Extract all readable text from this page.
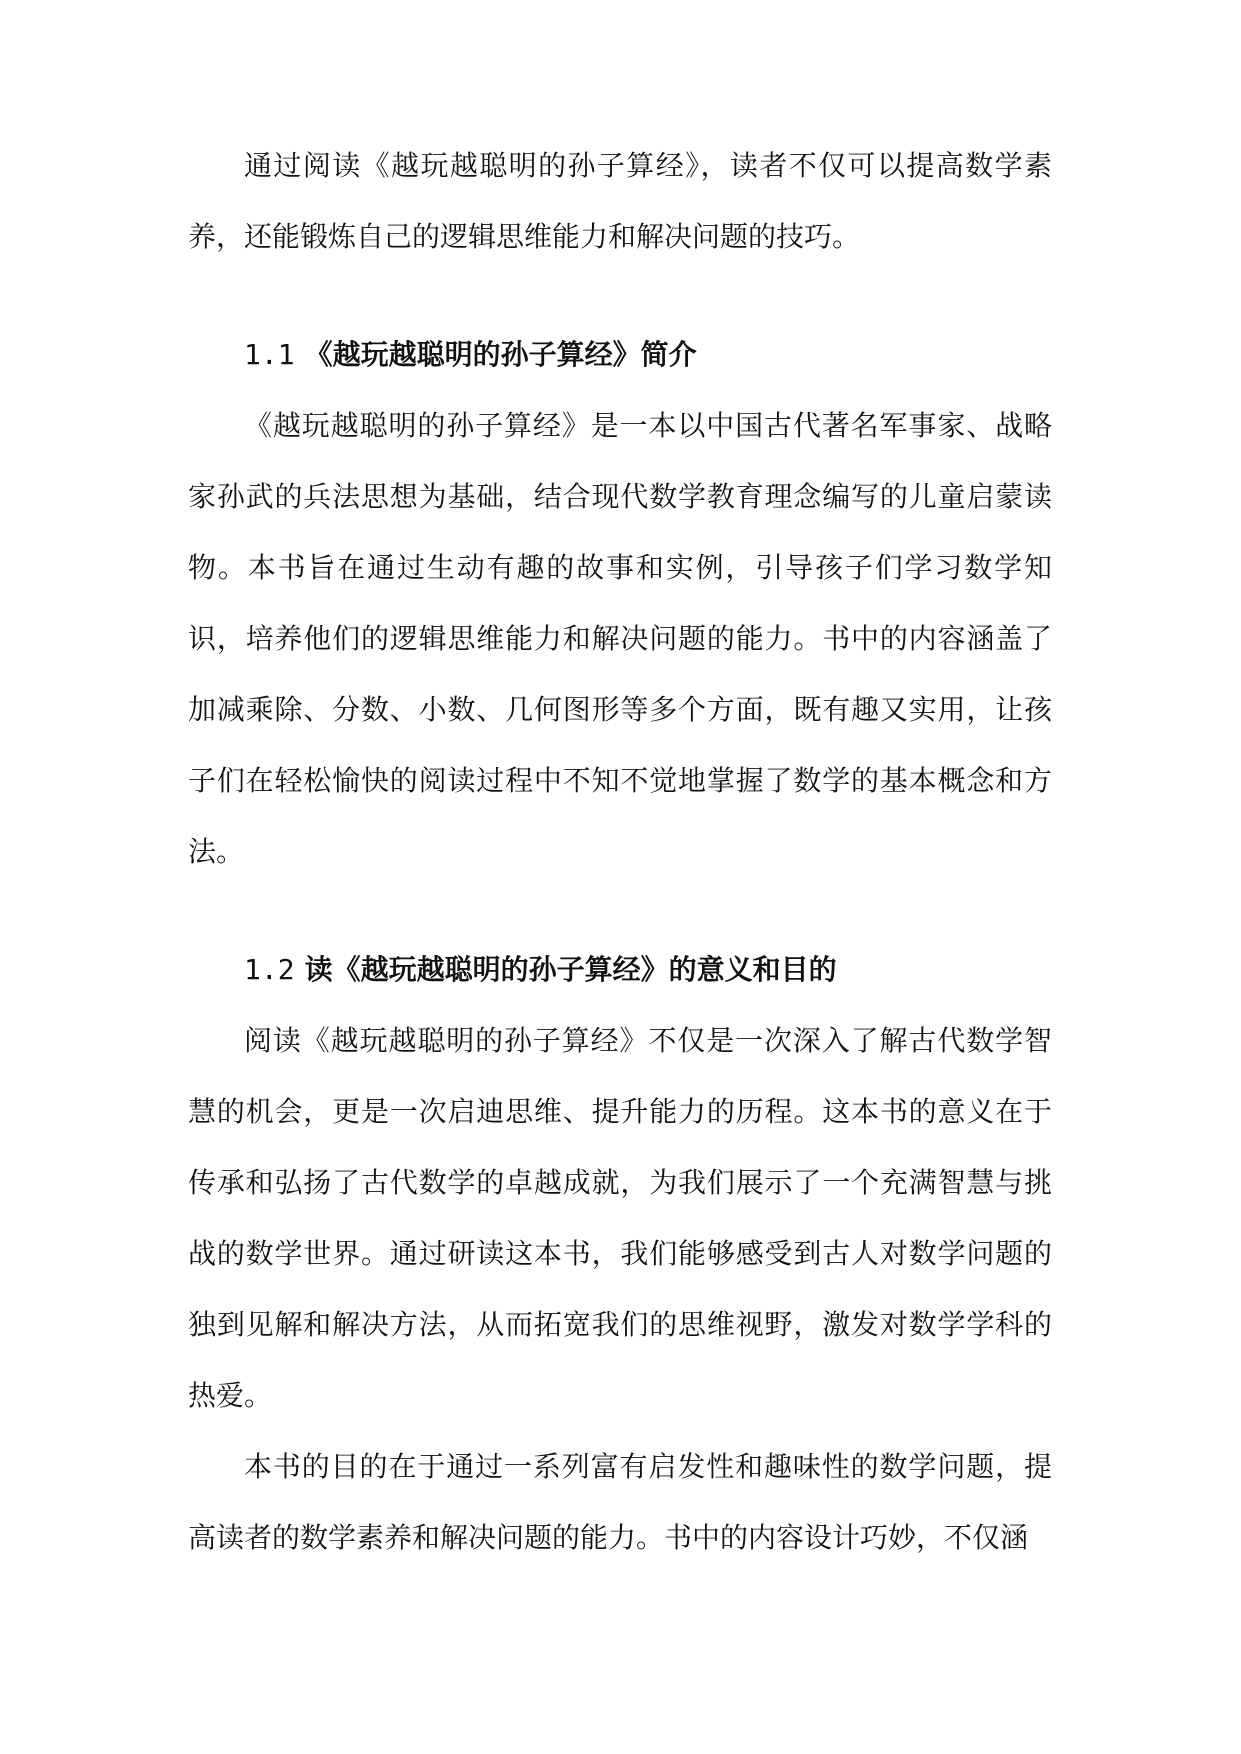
通过阅读《越玩越聪明的孙子算经》，读者不仅可以提高数学素养，还能锻炼自己的逻辑思维能力和解决问题的技巧。

1.1 《越玩越聪明的孙子算经》简介

《越玩越聪明的孙子算经》是一本以中国古代著名军事家、战略家孙武的兵法思想为基础，结合现代数学教育理念编写的儿童启蒙读物。本书旨在通过生动有趣的故事和实例，引导孩子们学习数学知识，培养他们的逻辑思维能力和解决问题的能力。书中的内容涵盖了加减乘除、分数、小数、几何图形等多个方面，既有趣又实用，让孩子们在轻松愉快的阅读过程中不知不觉地掌握了数学的基本概念和方法。

1.2 读《越玩越聪明的孙子算经》的意义和目的

阅读《越玩越聪明的孙子算经》不仅是一次深入了解古代数学智慧的机会，更是一次启迪思维、提升能力的历程。这本书的意义在于传承和弘扬了古代数学的卓越成就，为我们展示了一个充满智慧与挑战的数学世界。通过研读这本书，我们能够感受到古人对数学问题的独到见解和解决方法，从而拓宽我们的思维视野，激发对数学学科的热爱。

本书的目的在于通过一系列富有启发性和趣味性的数学问题，提高读者的数学素养和解决问题的能力。书中的内容设计巧妙，不仅涵
